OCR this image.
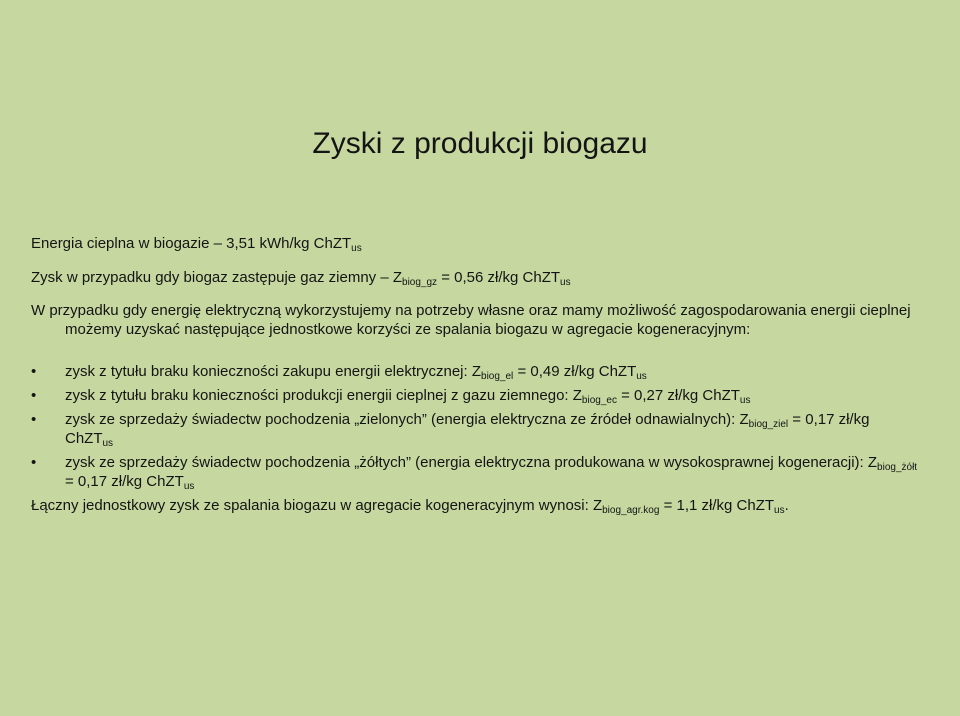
Zyski z produkcji biogazu

Energia cieplna w biogazie – 3,51 kWh/kg ChZT$_{us}$

Zysk w przypadku gdy biogaz zastępuje gaz ziemny – $Z_{biog\_gz} = 0,56$ zł/kg ChZT$_{us}$

W przypadku gdy energię elektryczną wykorzystujemy na potrzeby własne oraz mamy możliwość zagospodarowania energii cieplnej możemy uzyskać następujące jednostkowe korzyści ze spalania biogazu w agregacie kogeneracyjnym:

•	zysk z tytułu braku konieczności zakupu energii elektrycznej: $Z_{biog\_el} = 0,49$ zł/kg ChZT$_{us}$
•	zysk z tytułu braku konieczności produkcji energii cieplnej z gazu ziemnego: $Z_{biog\_ec} = 0,27$ zł/kg ChZT$_{us}$
•	zysk ze sprzedaży świadectw pochodzenia „zielonych” (energia elektryczna ze źródeł odnawialnych): $Z_{biog\_ziel} = 0,17$ zł/kg ChZT$_{us}$
•	zysk ze sprzedaży świadectw pochodzenia „żółtych” (energia elektryczna produkowana w wysokosprawnej kogeneracji): $Z_{biog\_żółt} = 0,17$ zł/kg ChZT$_{us}$

Łączny jednostkowy zysk ze spalania biogazu w agregacie kogeneracyjnym wynosi: $Z_{biog\_agr.kog} = 1,1$ zł/kg ChZT$_{us}$.
